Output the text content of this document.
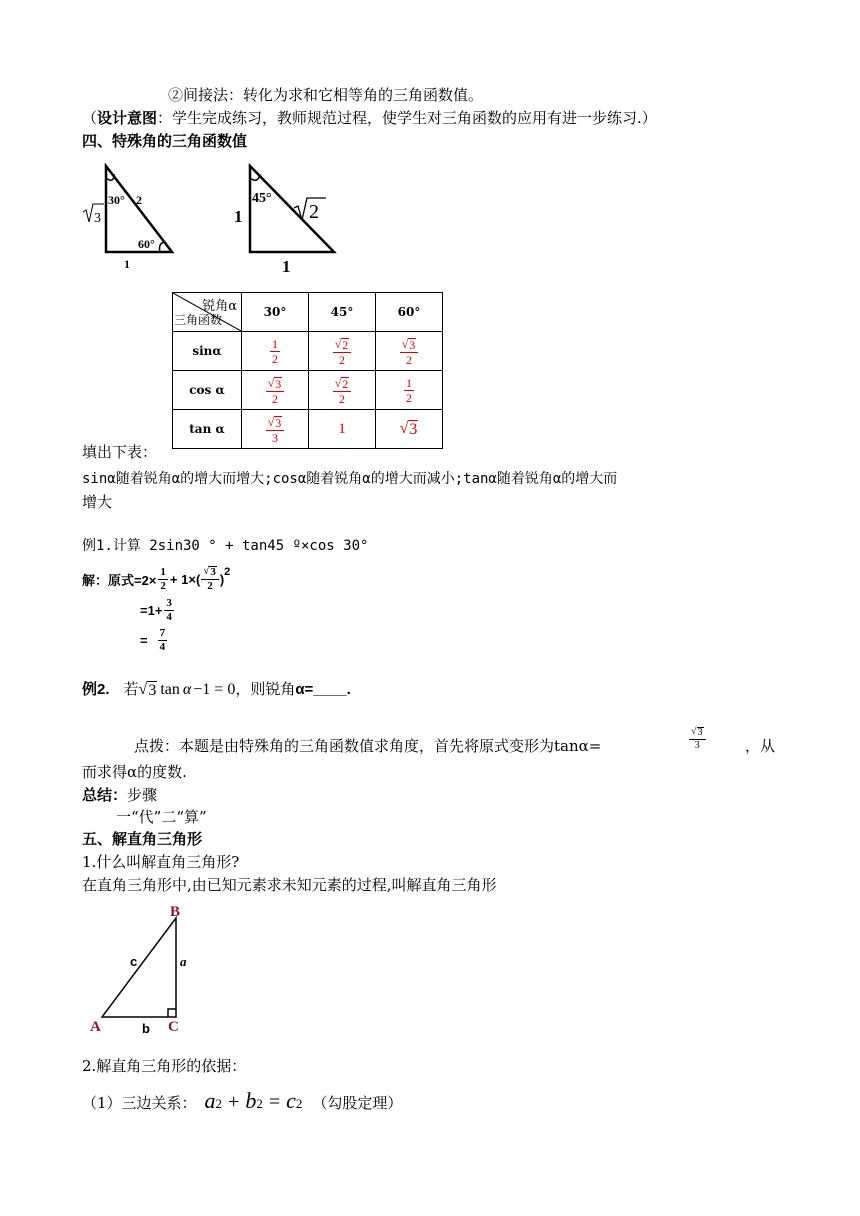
②间接法：转化为求和它相等角的三角函数值。
（设计意图：学生完成练习，教师规范过程，使学生对三角函数的应用有进一步练习.）
四、特殊角的三角函数值
30° 2
60°
1
3
45°
1	2
1
锐角α
三角函数	30°	45°	60°
sinα	$\frac{1}{2}$	$\frac{√ 2}{2}$	$\frac{√ 3}{2}$

cos α	$\frac{√ 3}{2}$	$\frac{√ 2}{2}$	$\frac{1}{2}$

tan α	$\frac{√ 3}{3}$	1	√ 3
填出下表：
sinα随着锐角α的增大而增大;cosα随着锐角α的增大而减小;tanα随着锐角α的增大而
增大
例1.计算 2sin30 ° + tan45 º×cos 30°
解：原式$=2\times \frac{1}{2} + 1\times( \frac{√ 3}{2} )^2$
$=1+ \frac{3}{4}$
= $\frac{7}{4}$
例2. 若 √ 3 tan α −1 = 0 ，则锐角 α=____.
点拨：本题是由特殊角的三角函数值求角度，首先将原式变形为tanα=	$\frac{√ 3}{3}$	，从
而求得α的度数.
总结：步骤
一“代”二“算”
五、解直角三角形
1.什么叫解直角三角形?
在直角三角形中,由已知元素求未知元素的过程,叫解直角三角形
B
A	C
c	a
b
2.解直角三角形的依据：
（1）三边关系： a 2 + b 2 = c 2 （勾股定理）
